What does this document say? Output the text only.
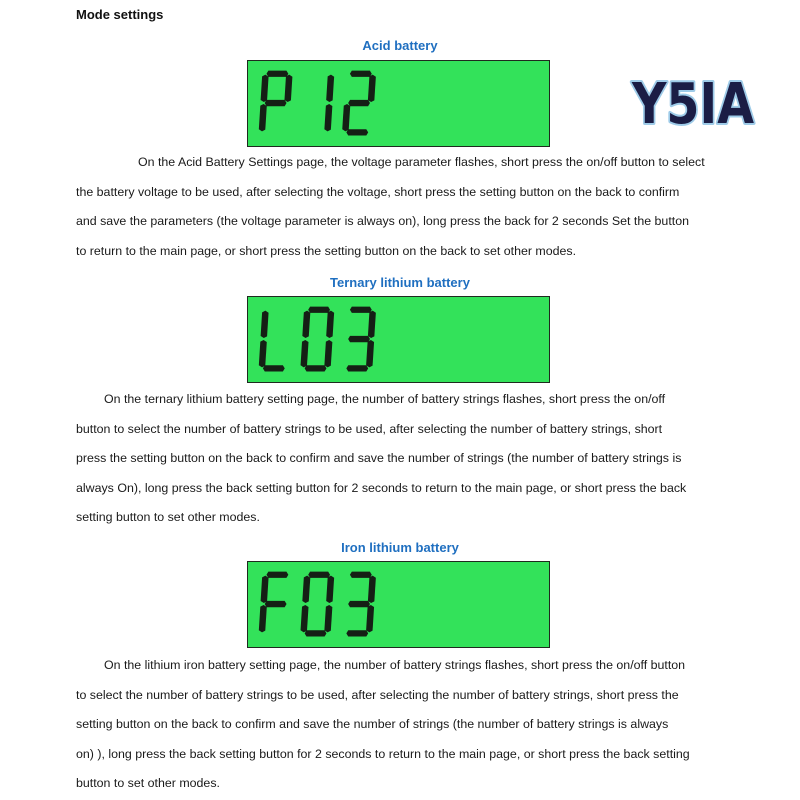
Mode settings
Acid battery
On the Acid Battery Settings page, the voltage parameter flashes, short press the on/off button to select
the battery voltage to be used, after selecting the voltage, short press the setting button on the back to confirm
and save the parameters (the voltage parameter is always on), long press the back for 2 seconds Set the button
to return to the main page, or short press the setting button on the back to set other modes.
Ternary lithium battery
On the ternary lithium battery setting page, the number of battery strings flashes, short press the on/off
button to select the number of battery strings to be used, after selecting the number of battery strings, short
press the setting button on the back to confirm and save the number of strings (the number of battery strings is
always On), long press the back setting button for 2 seconds to return to the main page, or short press the back
setting button to set other modes.
Iron lithium battery
On the lithium iron battery setting page, the number of battery strings flashes, short press the on/off button
to select the number of battery strings to be used, after selecting the number of battery strings, short press the
setting button on the back to confirm and save the number of strings (the number of battery strings is always
on) ), long press the back setting button for 2 seconds to return to the main page, or short press the back setting
button to set other modes.
Y5IA
